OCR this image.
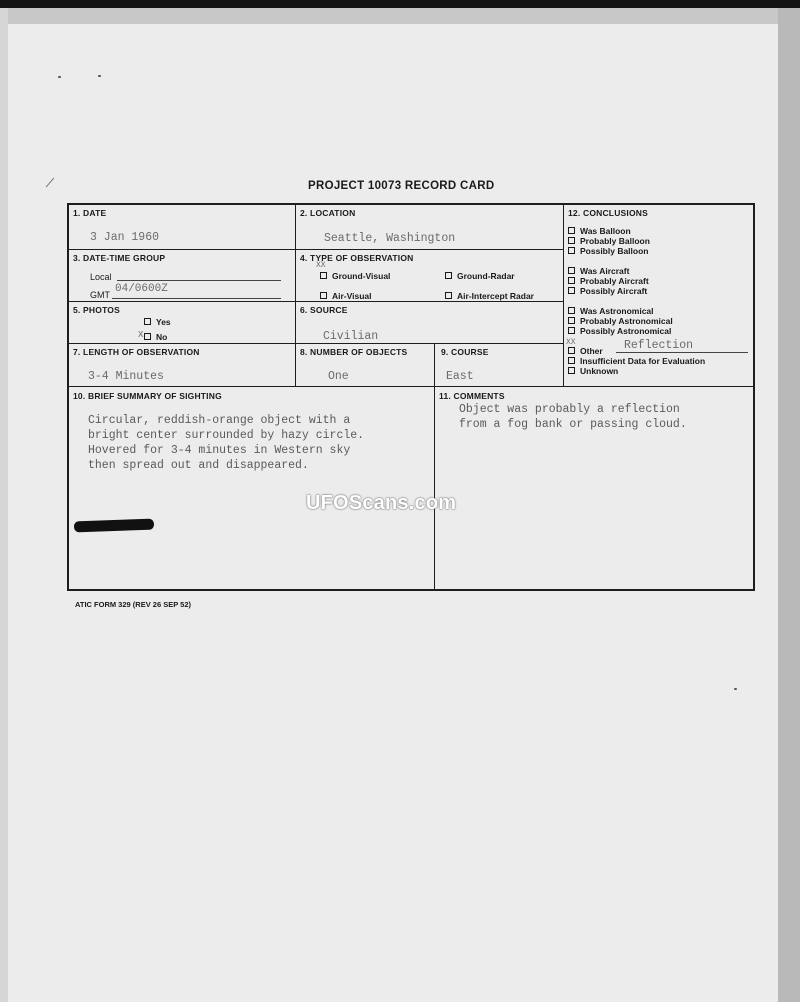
PROJECT 10073 RECORD CARD
1. DATE
3 Jan 1960
2. LOCATION
Seattle, Washington
3. DATE-TIME GROUP
Local
GMT 04/0600Z
4. TYPE OF OBSERVATION
XX
Ground-Visual	Ground-Radar
Air-Visual	Air-Intercept Radar
5. PHOTOS
Yes
X	No
6. SOURCE
Civilian
7. LENGTH OF OBSERVATION
3-4 Minutes
8. NUMBER OF OBJECTS
One
9. COURSE
East
12. CONCLUSIONS
Was Balloon
Probably Balloon
Possibly Balloon
Was Aircraft
Probably Aircraft
Possibly Aircraft
Was Astronomical
Probably Astronomical
Possibly Astronomical
XX
Other Reflection
Insufficient Data for Evaluation
Unknown
10. BRIEF SUMMARY OF SIGHTING
Circular, reddish-orange object with a
bright center surrounded by hazy circle.
Hovered for 3-4 minutes in Western sky
then spread out and disappeared.
11. COMMENTS
Object was probably a reflection
from a fog bank or passing cloud.
UFOScans.com
ATIC FORM 329 (REV 26 SEP 52)
